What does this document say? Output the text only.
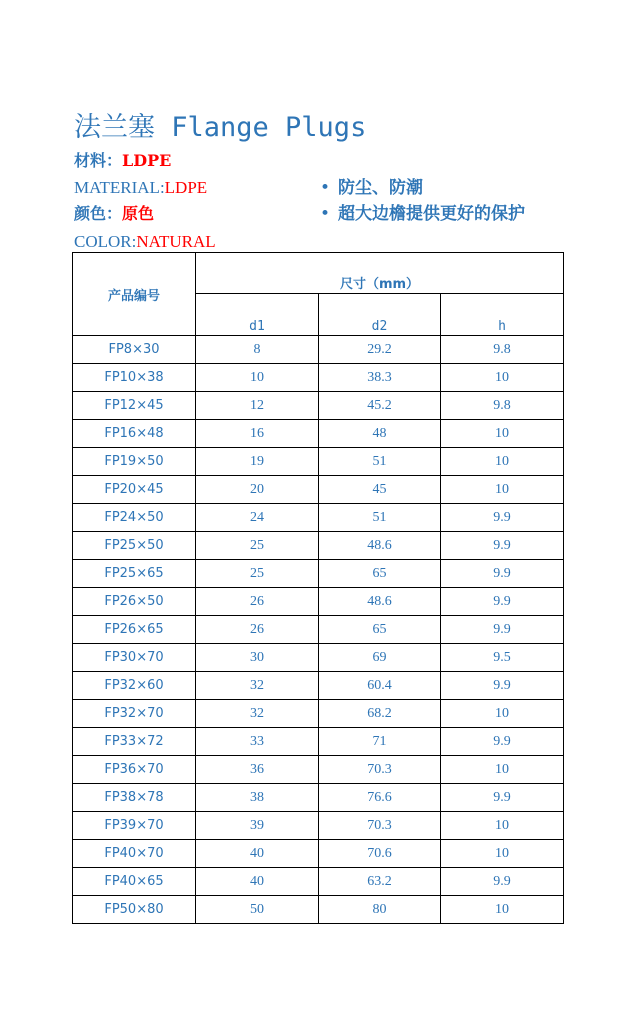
法兰塞 Flange Plugs
材料：LDPE
MATERIAL:LDPE
颜色：原色
COLOR:NATURAL
• 防尘、防潮
• 超大边檐提供更好的保护
产品编号	尺寸（mm）		
	d1	d2	h
FP8×30	8	29.2	9.8
FP10×38	10	38.3	10
FP12×45	12	45.2	9.8
FP16×48	16	48	10
FP19×50	19	51	10
FP20×45	20	45	10
FP24×50	24	51	9.9
FP25×50	25	48.6	9.9
FP25×65	25	65	9.9
FP26×50	26	48.6	9.9
FP26×65	26	65	9.9
FP30×70	30	69	9.5
FP32×60	32	60.4	9.9
FP32×70	32	68.2	10
FP33×72	33	71	9.9
FP36×70	36	70.3	10
FP38×78	38	76.6	9.9
FP39×70	39	70.3	10
FP40×70	40	70.6	10
FP40×65	40	63.2	9.9
FP50×80	50	80	10
